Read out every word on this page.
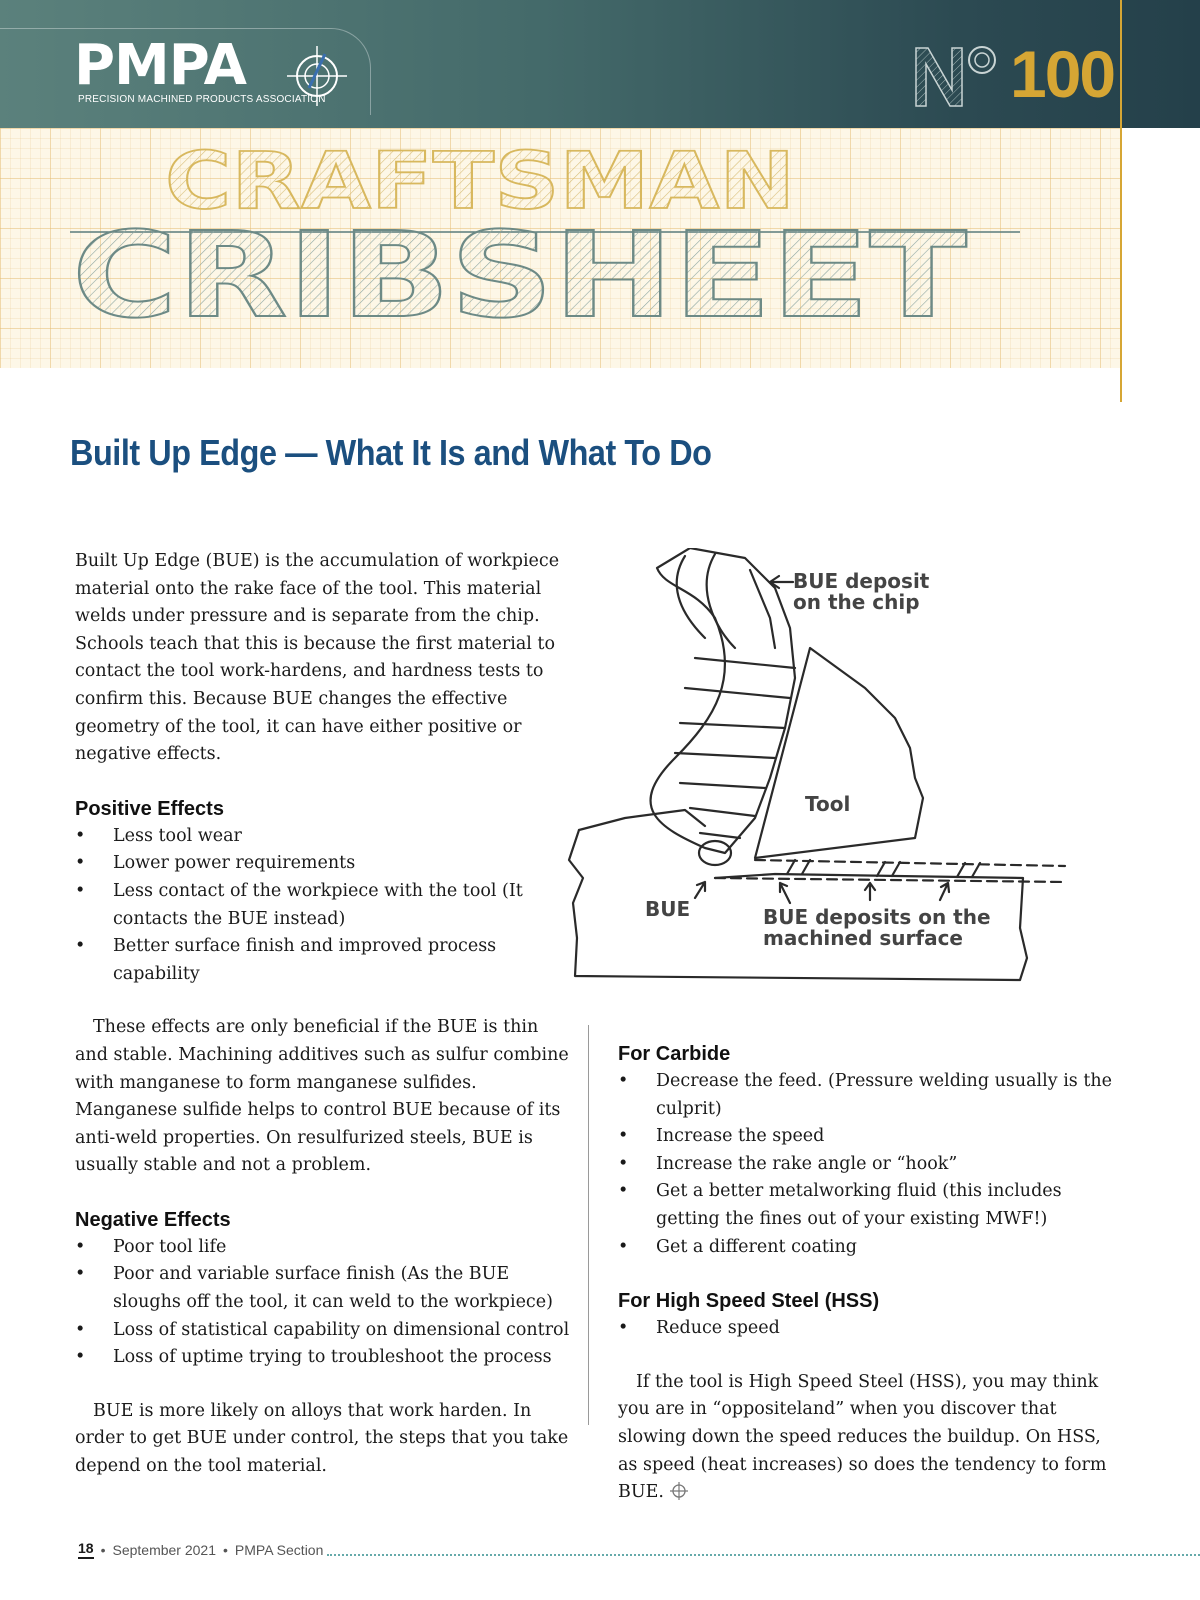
PMPA
PRECISION MACHINED PRODUCTS ASSOCIATION	100
CRAFTSMAN
CRIBSHEET
Built Up Edge — What It Is and What To Do

Built Up Edge (BUE) is the accumulation of workpiece material onto the rake face of the tool. This material welds under pressure and is separate from the chip. Schools teach that this is because the first material to contact the tool work-hardens, and hardness tests to confirm this. Because BUE changes the effective geometry of the tool, it can have either positive or negative effects.

Positive Effects
• Less tool wear
• Lower power requirements
• Less contact of the workpiece with the tool (It contacts the BUE instead)
• Better surface finish and improved process capability

These effects are only beneficial if the BUE is thin and stable. Machining additives such as sulfur combine with manganese to form manganese sulfides. Manganese sulfide helps to control BUE because of its anti-weld properties. On resulfurized steels, BUE is usually stable and not a problem.

Negative Effects
• Poor tool life
• Poor and variable surface finish (As the BUE sloughs off the tool, it can weld to the workpiece)
• Loss of statistical capability on dimensional control
• Loss of uptime trying to troubleshoot the process

BUE is more likely on alloys that work harden. In order to get BUE under control, the steps that you take depend on the tool material.

BUE deposit
on the chip
Tool
BUE	BUE deposits on the
machined surface
For Carbide
• Decrease the feed. (Pressure welding usually is the culprit)
• Increase the speed
• Increase the rake angle or “hook”
• Get a better metalworking fluid (this includes getting the fines out of your existing MWF!)
• Get a different coating
For High Speed Steel (HSS)
• Reduce speed

If the tool is High Speed Steel (HSS), you may think you are in “oppositeland” when you discover that slowing down the speed reduces the buildup. On HSS, as speed (heat increases) so does the tendency to form BUE.

18 • September 2021 • PMPA Section
